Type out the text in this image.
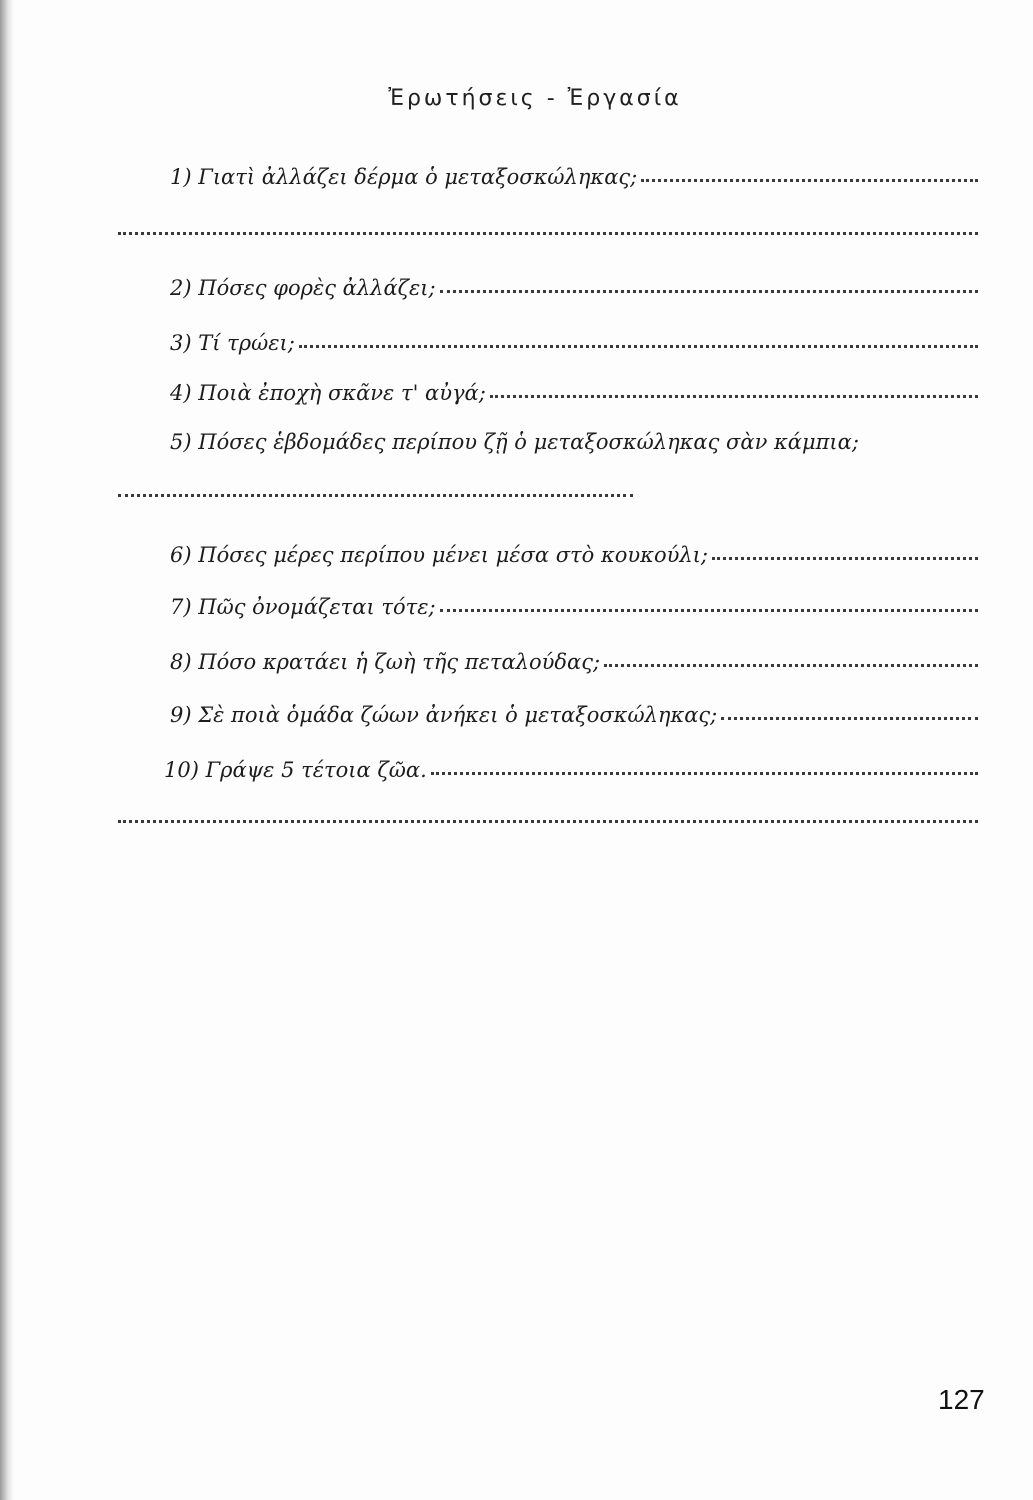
Ἐρωτήσεις - Ἐργασία
1) Γιατὶ ἀλλάζει δέρμα ὁ μεταξοσκώληκας;
2) Πόσες φορὲς ἀλλάζει;
3) Τί τρώει;
4) Ποιὰ ἐποχὴ σκᾶνε τ' αὐγά;
5) Πόσες ἑβδομάδες περίπου ζῇ ὁ μεταξοσκώληκας σὰν κάμπια;
6) Πόσες μέρες περίπου μένει μέσα στὸ κουκούλι;
7) Πῶς ὀνομάζεται τότε;
8) Πόσο κρατάει ἡ ζωὴ τῆς πεταλούδας;
9) Σὲ ποιὰ ὁμάδα ζώων ἀνήκει ὁ μεταξοσκώληκας;
10) Γράψε 5 τέτοια ζῶα.
127
